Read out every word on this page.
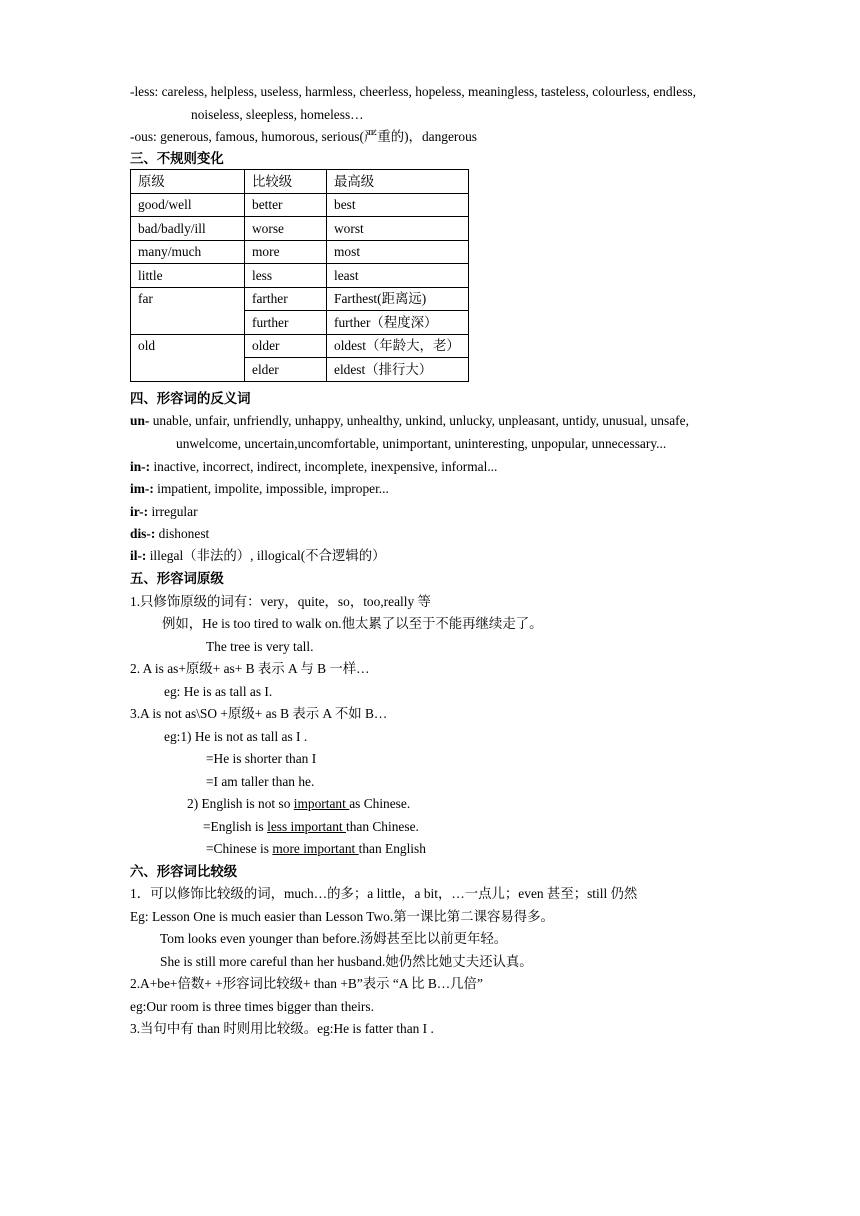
-less: careless, helpless, useless, harmless, cheerless, hopeless, meaningless, tasteless, colourless, endless,
noiseless, sleepless, homeless…
-ous: generous, famous, humorous, serious(严重的)，dangerous
三、不规则变化
原级	比较级	最高级
good/well	better	best
bad/badly/ill	worse	worst
many/much	more	most
little	less	least
far	farther	Farthest(距离远)
	further	further（程度深）
old	older	oldest（年龄大，老）
	elder	eldest（排行大）
四、形容词的反义词
un- unable, unfair, unfriendly, unhappy, unhealthy, unkind, unlucky, unpleasant, untidy, unusual, unsafe,
unwelcome, uncertain,uncomfortable, unimportant, uninteresting, unpopular, unnecessary...
in-: inactive, incorrect, indirect, incomplete, inexpensive, informal...
im-: impatient, impolite, impossible, improper...
ir-: irregular
dis-: dishonest
il-: illegal（非法的）, illogical(不合逻辑的）
五、形容词原级
1.只修饰原级的词有：very，quite，so，too,really 等
例如，He is too tired to walk on.他太累了以至于不能再继续走了。
The tree is very tall.
2. A is as+原级+ as+ B 表示 A 与 B 一样…
eg: He is as tall as I.
3.A is not as\SO +原级+ as B 表示 A 不如 B…
eg:1) He is not as tall as I .
=He is shorter than I
=I am taller than he.
2) English is not so important as Chinese.
=English is less important than Chinese.
=Chinese is more important than English
六、形容词比较级
1．可以修饰比较级的词，much…的多；a little，a bit，…一点儿；even 甚至；still 仍然
Eg: Lesson One is much easier than Lesson Two.第一课比第二课容易得多。
Tom looks even younger than before.汤姆甚至比以前更年轻。
She is still more careful than her husband.她仍然比她丈夫还认真。
2.A+be+倍数+ +形容词比较级+ than +B”表示 “A 比 B…几倍”
eg:Our room is three times bigger than theirs.
3.当句中有 than 时则用比较级。eg:He is fatter than I .
